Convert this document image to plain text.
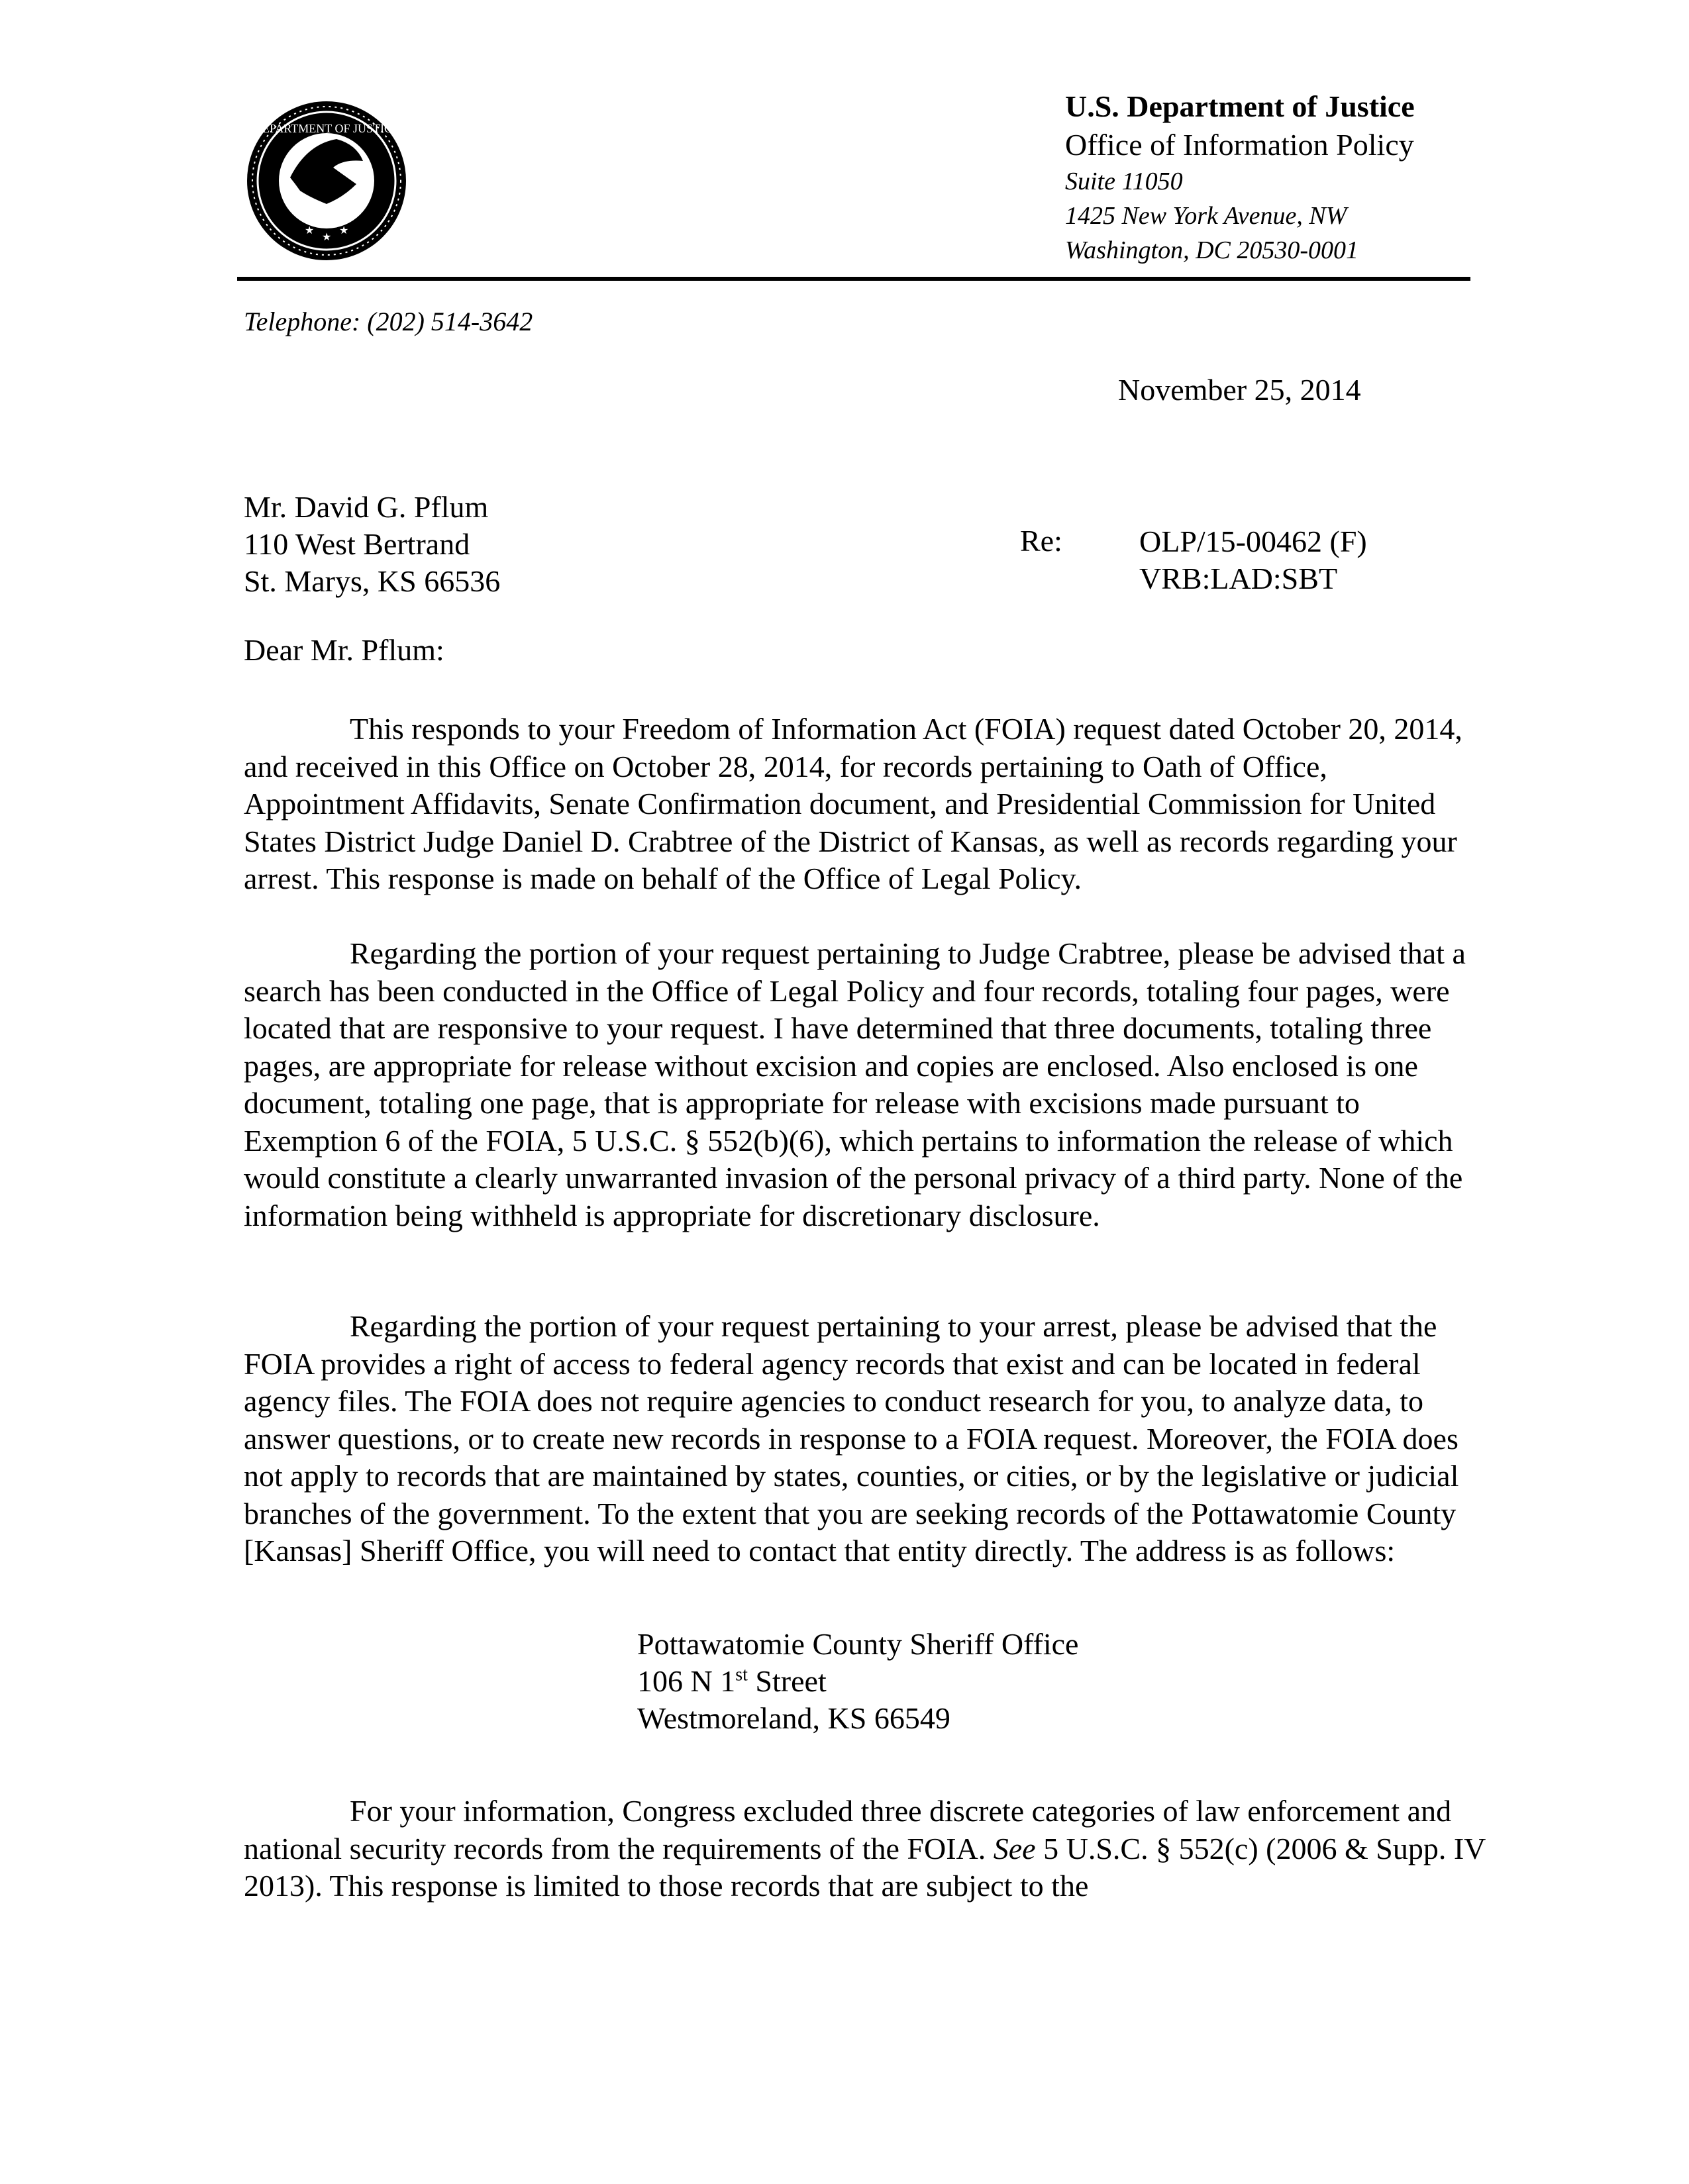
DEPARTMENT OF JUSTICE
★
★
★
U.S. Department of Justice
Office of Information Policy
Suite 11050
1425 New York Avenue, NW
Washington, DC 20530-0001
Telephone: (202) 514-3642
November 25, 2014
Mr. David G. Pflum
110 West Bertrand
St. Marys, KS 66536
Re:	OLP/15-00462 (F)
VRB:LAD:SBT
Dear Mr. Pflum:
This responds to your Freedom of Information Act (FOIA) request dated October 20, 2014, and received in this Office on October 28, 2014, for records pertaining to Oath of Office, Appointment Affidavits, Senate Confirmation document, and Presidential Commission for United States District Judge Daniel D. Crabtree of the District of Kansas, as well as records regarding your arrest. This response is made on behalf of the Office of Legal Policy.
Regarding the portion of your request pertaining to Judge Crabtree, please be advised that a search has been conducted in the Office of Legal Policy and four records, totaling four pages, were located that are responsive to your request. I have determined that three documents, totaling three pages, are appropriate for release without excision and copies are enclosed. Also enclosed is one document, totaling one page, that is appropriate for release with excisions made pursuant to Exemption 6 of the FOIA, 5 U.S.C. § 552(b)(6), which pertains to information the release of which would constitute a clearly unwarranted invasion of the personal privacy of a third party. None of the information being withheld is appropriate for discretionary disclosure.
Regarding the portion of your request pertaining to your arrest, please be advised that the FOIA provides a right of access to federal agency records that exist and can be located in federal agency files. The FOIA does not require agencies to conduct research for you, to analyze data, to answer questions, or to create new records in response to a FOIA request. Moreover, the FOIA does not apply to records that are maintained by states, counties, or cities, or by the legislative or judicial branches of the government. To the extent that you are seeking records of the Pottawatomie County [Kansas] Sheriff Office, you will need to contact that entity directly. The address is as follows:
Pottawatomie County Sheriff Office
106 N 1st Street
Westmoreland, KS 66549
For your information, Congress excluded three discrete categories of law enforcement and national security records from the requirements of the FOIA. See 5 U.S.C. § 552(c) (2006 & Supp. IV 2013). This response is limited to those records that are subject to the
